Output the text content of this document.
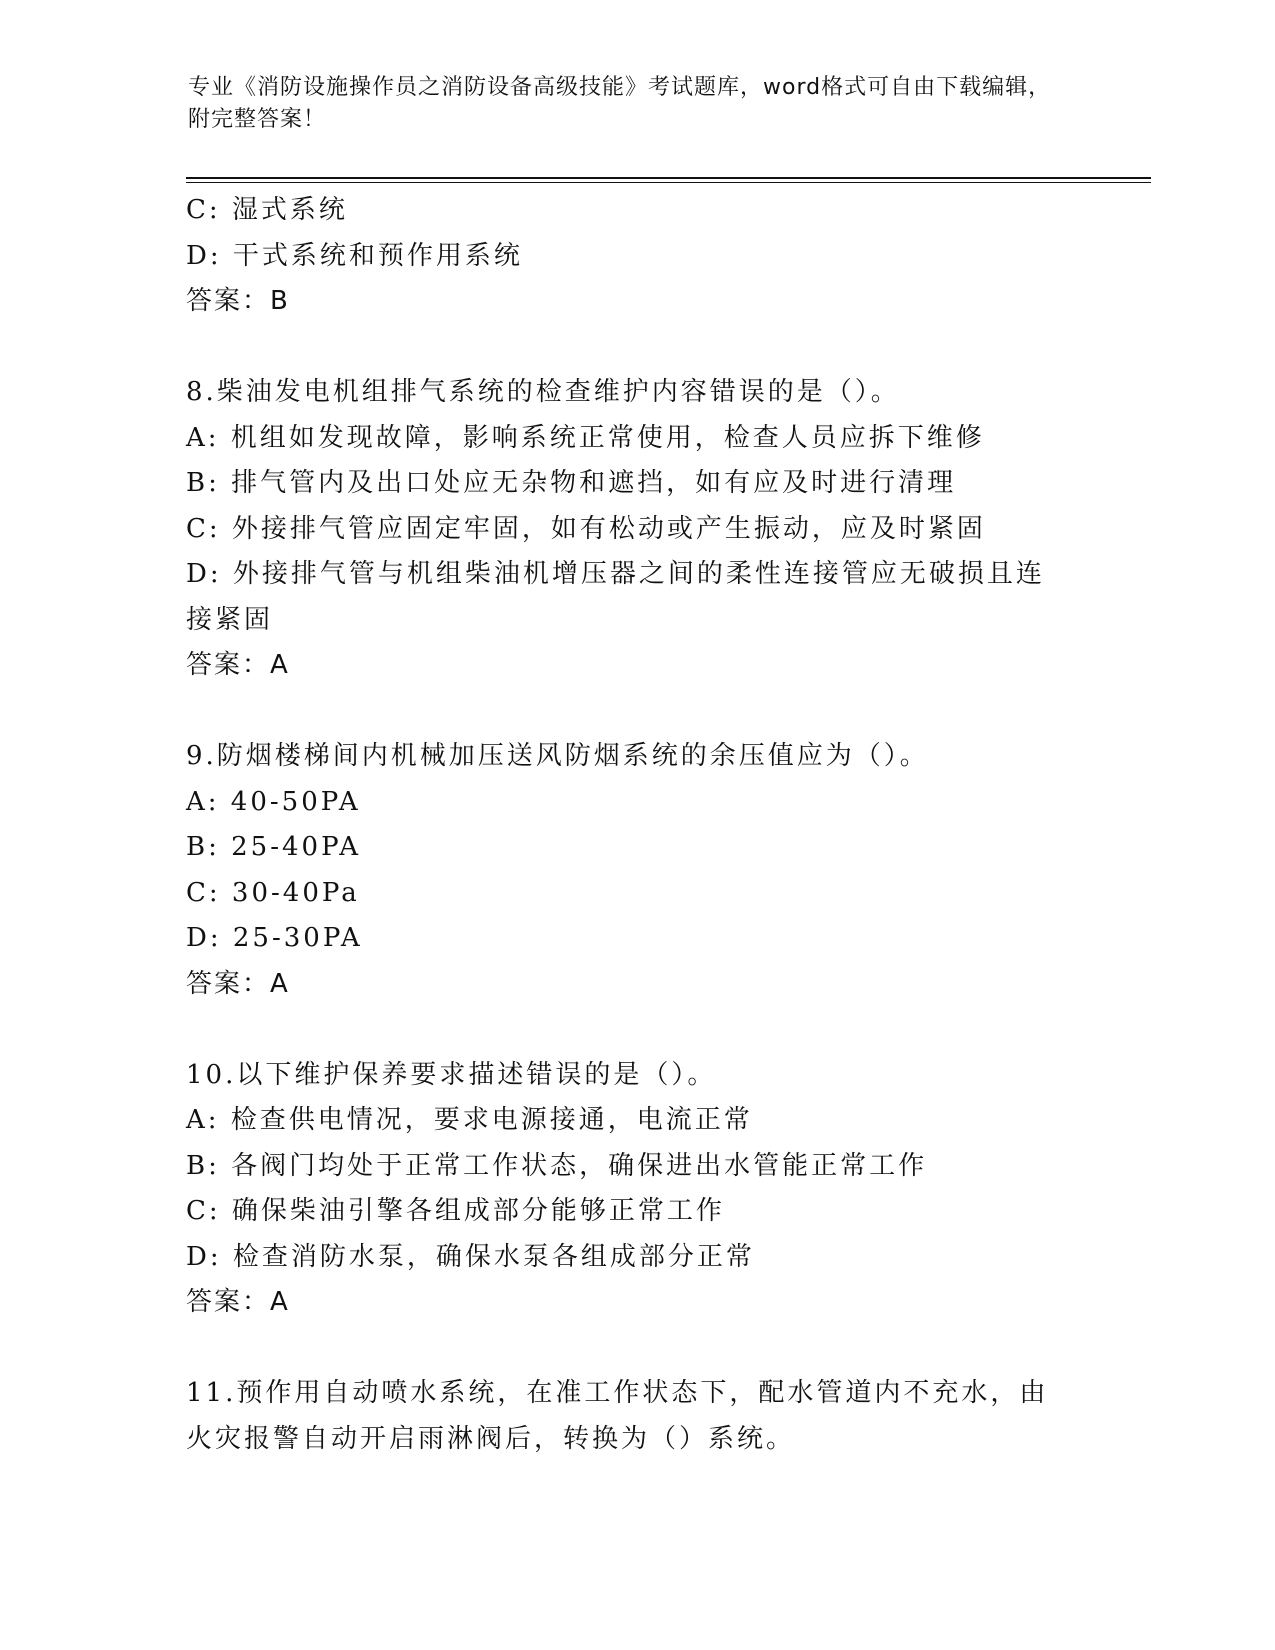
专业《消防设施操作员之消防设备高级技能》考试题库，word格式可自由下载编辑，附完整答案！
C: 湿式系统
D: 干式系统和预作用系统
答案：B
8.柴油发电机组排气系统的检查维护内容错误的是（）。
A: 机组如发现故障，影响系统正常使用，检查人员应拆下维修
B: 排气管内及出口处应无杂物和遮挡，如有应及时进行清理
C: 外接排气管应固定牢固，如有松动或产生振动，应及时紧固
D: 外接排气管与机组柴油机增压器之间的柔性连接管应无破损且连接紧固
答案：A
9.防烟楼梯间内机械加压送风防烟系统的余压值应为（）。
A: 40-50PA
B: 25-40PA
C: 30-40Pa
D: 25-30PA
答案：A
10.以下维护保养要求描述错误的是（）。
A: 检查供电情况，要求电源接通，电流正常
B: 各阀门均处于正常工作状态，确保进出水管能正常工作
C: 确保柴油引擎各组成部分能够正常工作
D: 检查消防水泵，确保水泵各组成部分正常
答案：A
11.预作用自动喷水系统，在准工作状态下，配水管道内不充水，由火灾报警自动开启雨淋阀后，转换为（）系统。
